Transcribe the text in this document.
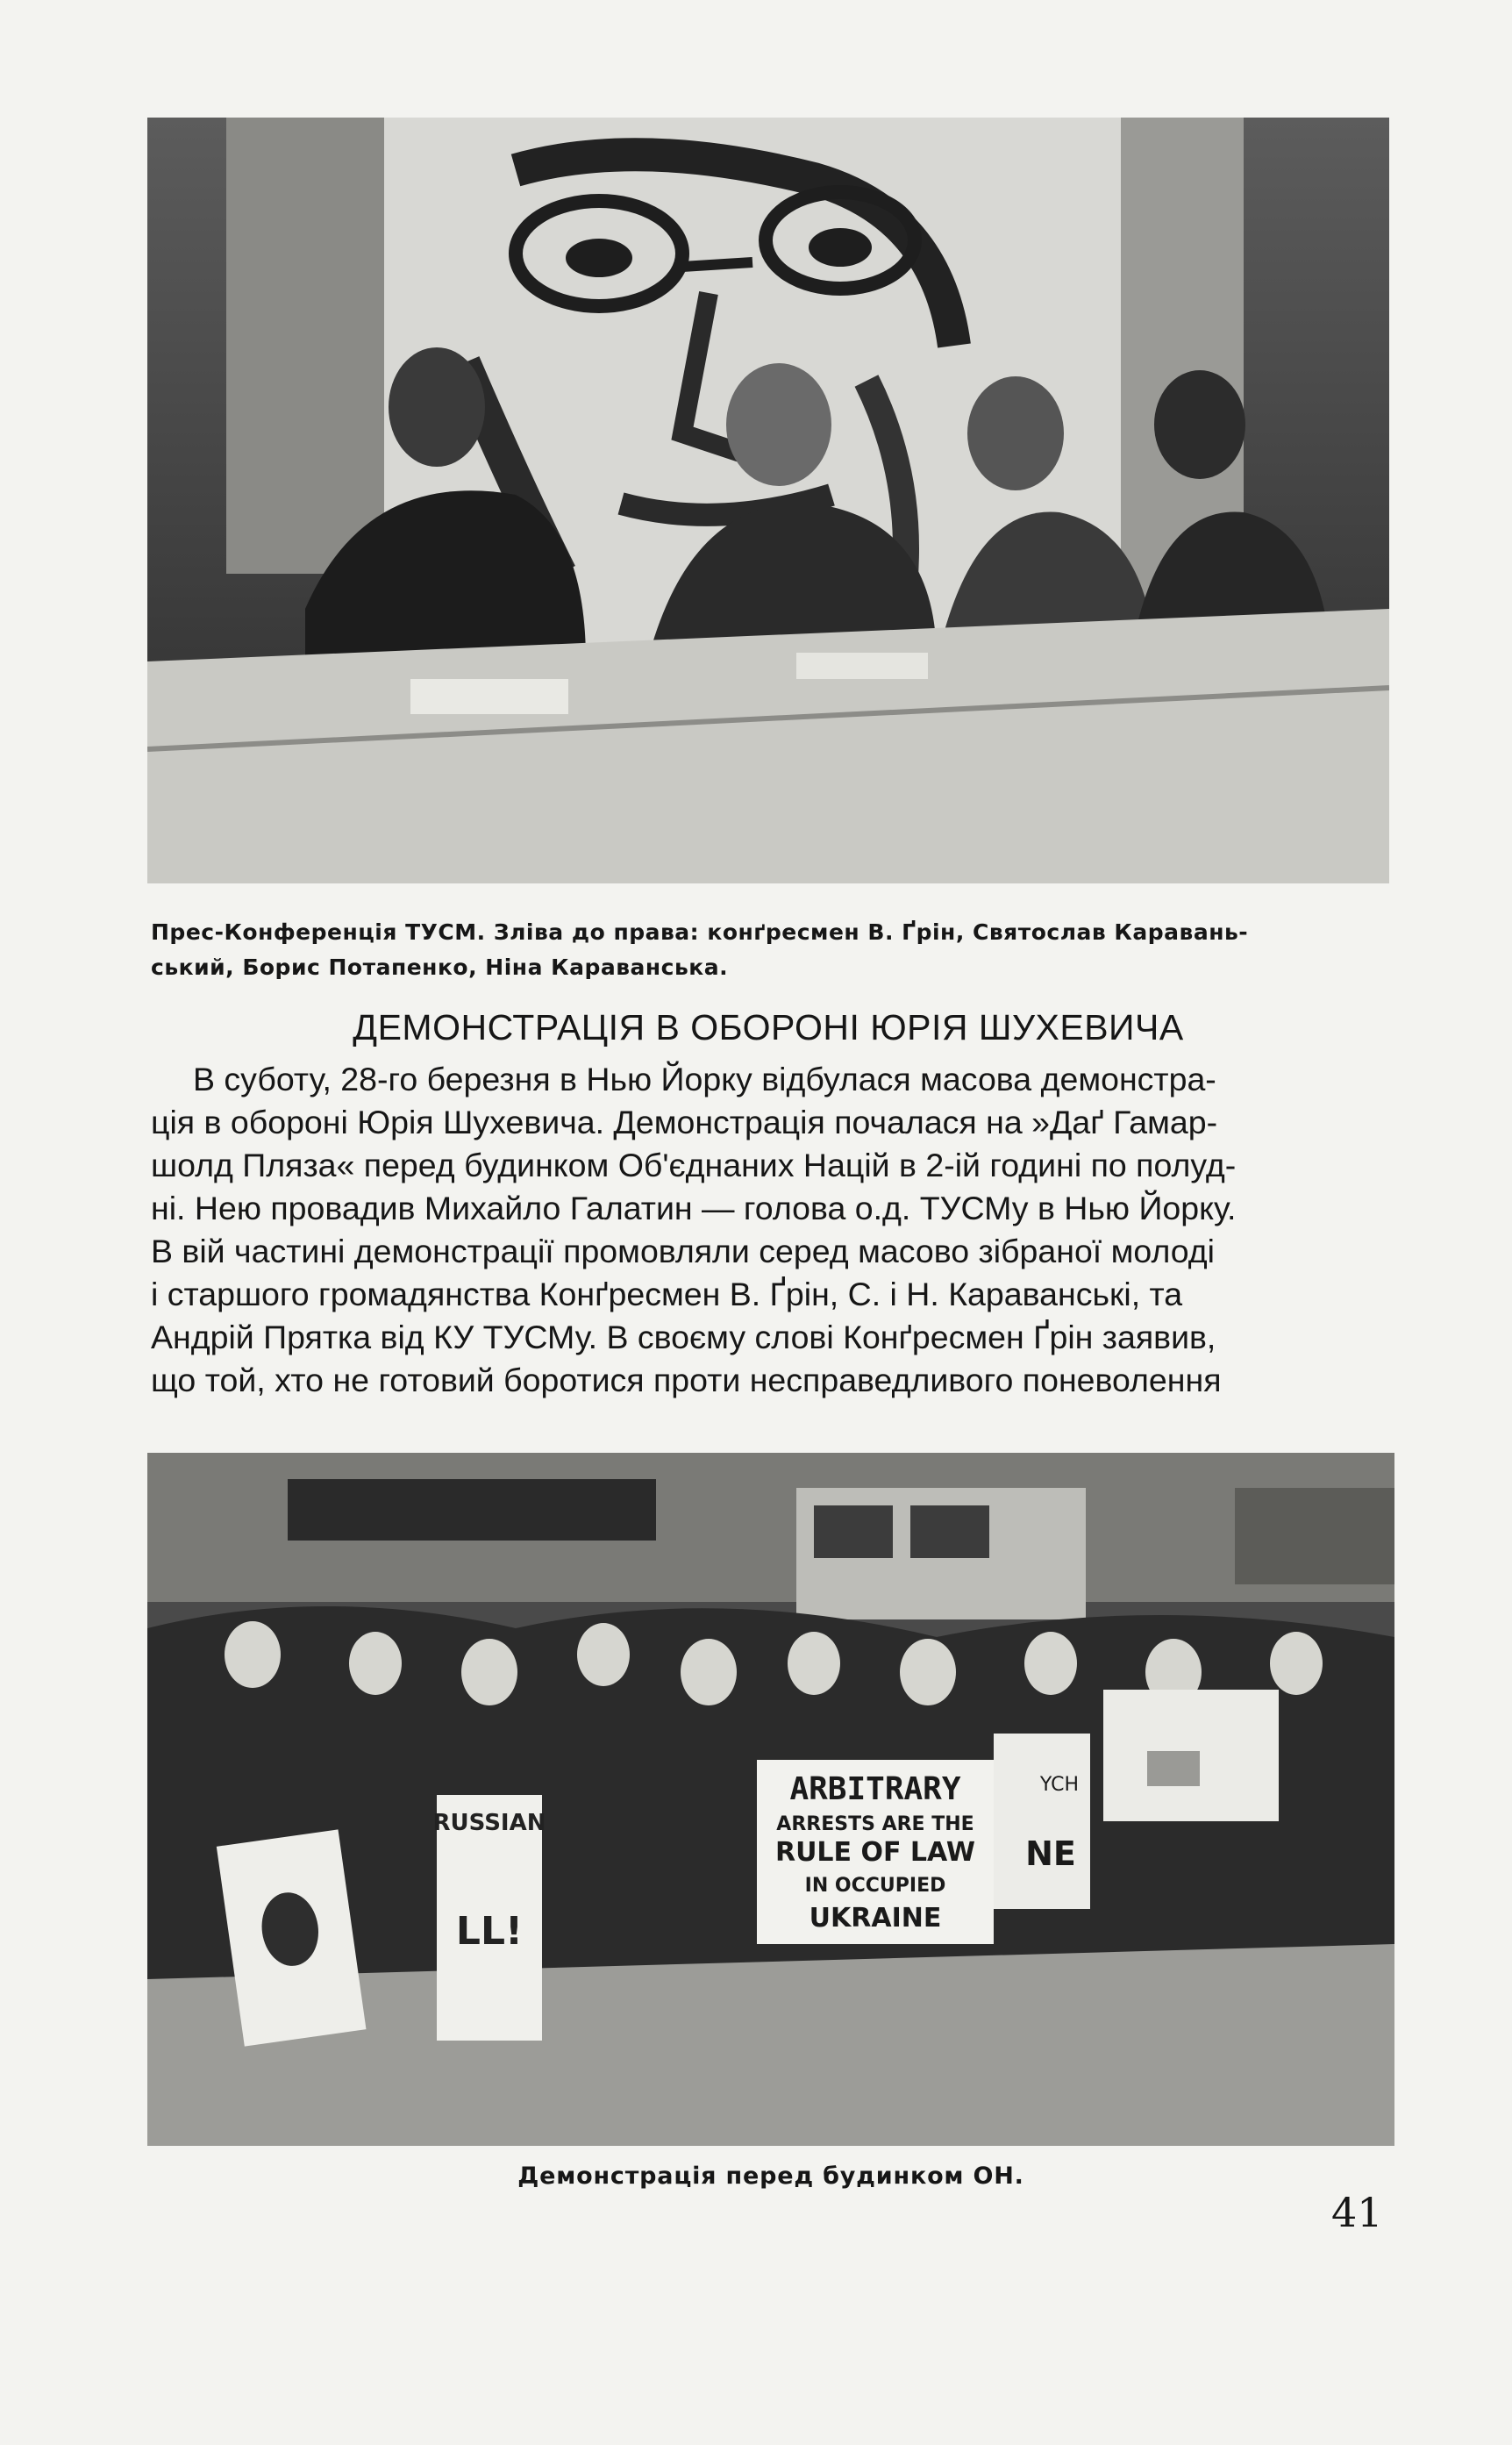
Прес-Конференція ТУСМ. Зліва до права: конґресмен В. Ґрін, Святослав Каравань-
ський, Борис Потапенко, Ніна Караванська.
ДЕМОНСТРАЦІЯ В ОБОРОНІ ЮРІЯ ШУХЕВИЧА
В суботу, 28-го березня в Нью Йорку відбулася масова демонстра-
ція в обороні Юрія Шухевича. Демонстрація почалася на »Даґ Гамар-
шолд Пляза« перед будинком Об'єднаних Націй в 2-ій годині по полуд-
ні. Нею провадив Михайло Галатин — голова о.д. ТУСМу в Нью Йорку.
В вій частині демонстрації промовляли серед масово зібраної молоді
і старшого громадянства Конґресмен В. Ґрін, С. і Н. Караванські, та
Андрій Прятка від КУ ТУСМу. В своєму слові Конґресмен Ґрін заявив,
що той, хто не готовий боротися проти несправедливого поневолення
RUSSIAN
LL!
ARBITRARY
ARRESTS ARE THE
RULE OF LAW
IN OCCUPIED
UKRAINE
YCH
NE
Демонстрація перед будинком ОН.
41
